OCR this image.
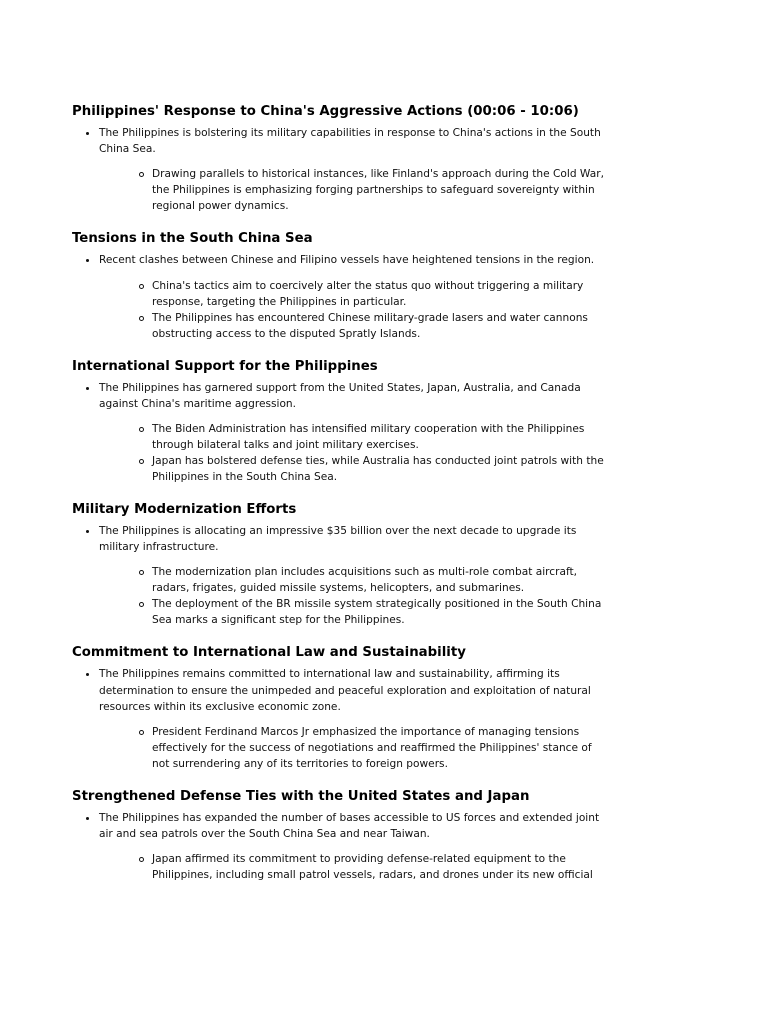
Philippines' Response to China's Aggressive Actions (00:06 - 10:06)
The Philippines is bolstering its military capabilities in response to China's actions in the South China Sea.
Drawing parallels to historical instances, like Finland's approach during the Cold War, the Philippines is emphasizing forging partnerships to safeguard sovereignty within regional power dynamics.
Tensions in the South China Sea
Recent clashes between Chinese and Filipino vessels have heightened tensions in the region.
China's tactics aim to coercively alter the status quo without triggering a military response, targeting the Philippines in particular.
The Philippines has encountered Chinese military-grade lasers and water cannons obstructing access to the disputed Spratly Islands.
International Support for the Philippines
The Philippines has garnered support from the United States, Japan, Australia, and Canada against China's maritime aggression.
The Biden Administration has intensified military cooperation with the Philippines through bilateral talks and joint military exercises.
Japan has bolstered defense ties, while Australia has conducted joint patrols with the Philippines in the South China Sea.
Military Modernization Efforts
The Philippines is allocating an impressive $35 billion over the next decade to upgrade its military infrastructure.
The modernization plan includes acquisitions such as multi-role combat aircraft, radars, frigates, guided missile systems, helicopters, and submarines.
The deployment of the BR missile system strategically positioned in the South China Sea marks a significant step for the Philippines.
Commitment to International Law and Sustainability
The Philippines remains committed to international law and sustainability, affirming its determination to ensure the unimpeded and peaceful exploration and exploitation of natural resources within its exclusive economic zone.
President Ferdinand Marcos Jr emphasized the importance of managing tensions effectively for the success of negotiations and reaffirmed the Philippines' stance of not surrendering any of its territories to foreign powers.
Strengthened Defense Ties with the United States and Japan
The Philippines has expanded the number of bases accessible to US forces and extended joint air and sea patrols over the South China Sea and near Taiwan.
Japan affirmed its commitment to providing defense-related equipment to the Philippines, including small patrol vessels, radars, and drones under its new official
